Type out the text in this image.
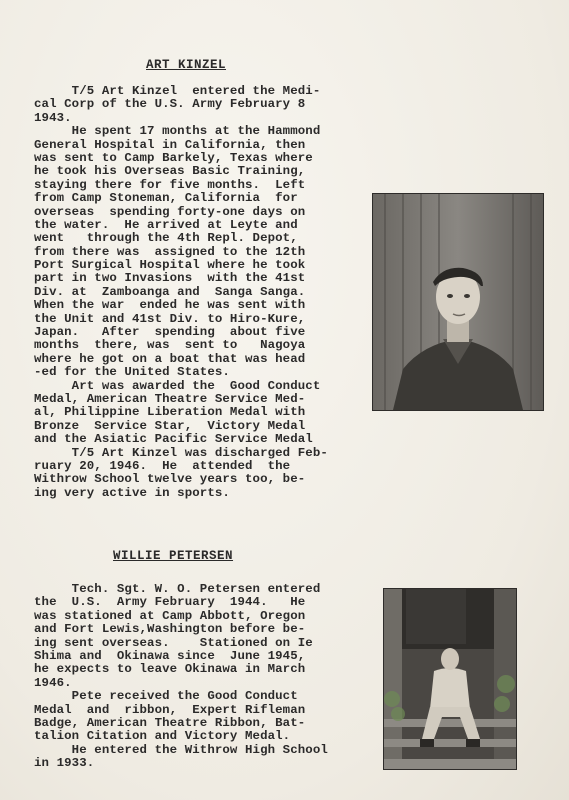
ART KINZEL
T/5 Art Kinzel  entered the Medi-
cal Corp of the U.S. Army February 8
1943.
He spent 17 months at the Hammond
General Hospital in California, then
was sent to Camp Barkely, Texas where
he took his Overseas Basic Training,
staying there for five months.  Left
from Camp Stoneman, California  for
overseas  spending forty-one days on
the water.  He arrived at Leyte and
went   through the 4th Repl. Depot,
from there was  assigned to the 12th
Port Surgical Hospital where he took
part in two Invasions  with the 41st
Div. at  Zamboanga and  Sanga Sanga.
When the war  ended he was sent with
the Unit and 41st Div. to Hiro-Kure,
Japan.   After  spending  about five
months  there, was  sent to   Nagoya
where he got on a boat that was head
-ed for the United States.
Art was awarded the  Good Conduct
Medal, American Theatre Service Med-
al, Philippine Liberation Medal with
Bronze  Service Star,  Victory Medal
and the Asiatic Pacific Service Medal
T/5 Art Kinzel was discharged Feb-
ruary 20, 1946.  He  attended  the
Withrow School twelve years too, be-
ing very active in sports.
WILLIE PETERSEN
Tech. Sgt. W. O. Petersen entered
the  U.S.  Army February  1944.   He
was stationed at Camp Abbott, Oregon
and Fort Lewis,Washington before be-
ing sent overseas.    Stationed on Ie
Shima and  Okinawa since  June 1945,
he expects to leave Okinawa in March
1946.
Pete received the Good Conduct
Medal  and  ribbon,  Expert Rifleman
Badge, American Theatre Ribbon, Bat-
talion Citation and Victory Medal.
He entered the Withrow High School
in 1933.
